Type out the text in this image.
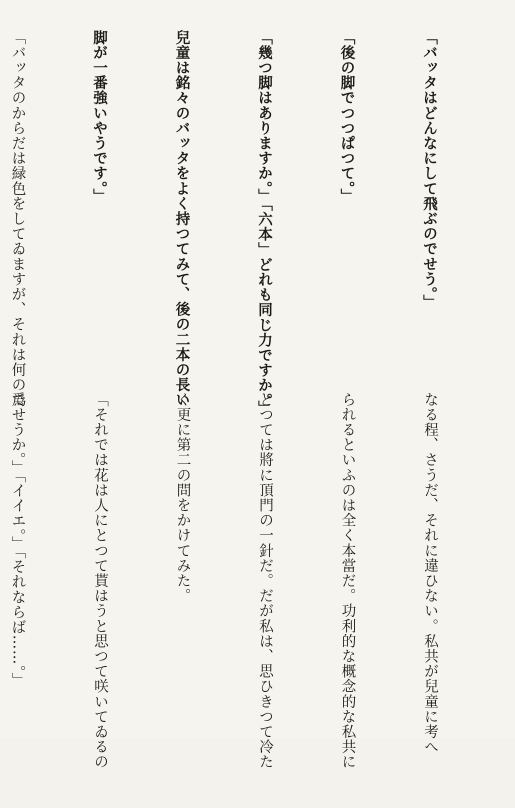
「バッタはどんなにして飛ぶのでせう。」

「後の脚でつつぱつて。」

「幾つ脚はありますか。」「六本」どれも同じ力ですか。」

兒童は銘々のバッタをよく持つてみて、後の二本の長い

脚が一番強いやうです。」

「バッタのからだは緑色をしてゐますが、それは何の爲

なる程、さうだ、それに違ひない。私共が兒童に考へ

られるといふのは全く本當だ。功利的な概念的な私共に

とつては將に頂門の一針だ。だが私は、思ひきつて冷た

く更に第二の問をかけてみた。

「それでは花は人にとつて貰はうと思つて咲いてゐるの

でせうか。」「イイエ。」「それならば……。」
